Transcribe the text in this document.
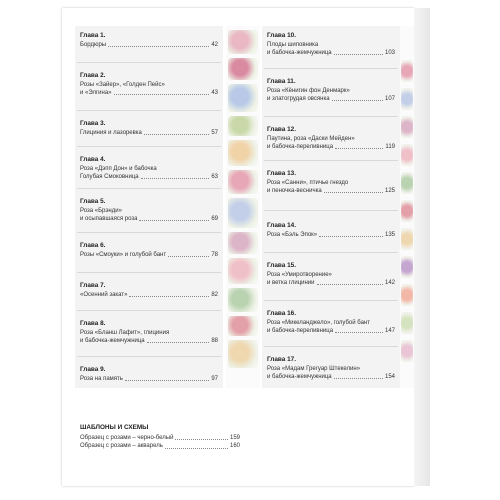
Глава 1.
Бордюры	42
Глава 2.
Розы «Зайер», «Голден Пейс»
и «Элгина»	43
Глава 3.
Глициния и лазоревка	57
Глава 4.
Роза «Дэпп Дон» и бабочка
Голубая Смоковница	63
Глава 5.
Роза «Брэнди»
и осыпавшаяся роза	69
Глава 6.
Розы «Смоуки» и голубой бант	78
Глава 7.
«Осенний закат»	82
Глава 8.
Роза «Бланш Лафит», глициния
и бабочка-жемчужница	88
Глава 9.
Роза на память	97
Глава 10.
Плоды шиповника
и бабочка-жемчужница	103
Глава 11.
Роза «Кёнигин фон Денмарк»
и златогрудая овсянка	107
Глава 12.
Паутина, роза «Даски Мейден»
и бабочка-переливница	119
Глава 13.
Роза «Санни», птичье гнездо
и пеночка-весничка	125
Глава 14.
Роза «Бэль Эпок»	135
Глава 15.
Роза «Умиротворение»
и ветка глицинии	142
Глава 16.
Роза «Микеланджело», голубой бант
и бабочка-переливница	147
Глава 17.
Роза «Мадам Грегуар Штекелин»
и бабочка-жемчужница	154
ШАБЛОНЫ И СХЕМЫ
Образец с розами – черно-белый	159
Образец с розами – акварель	160
